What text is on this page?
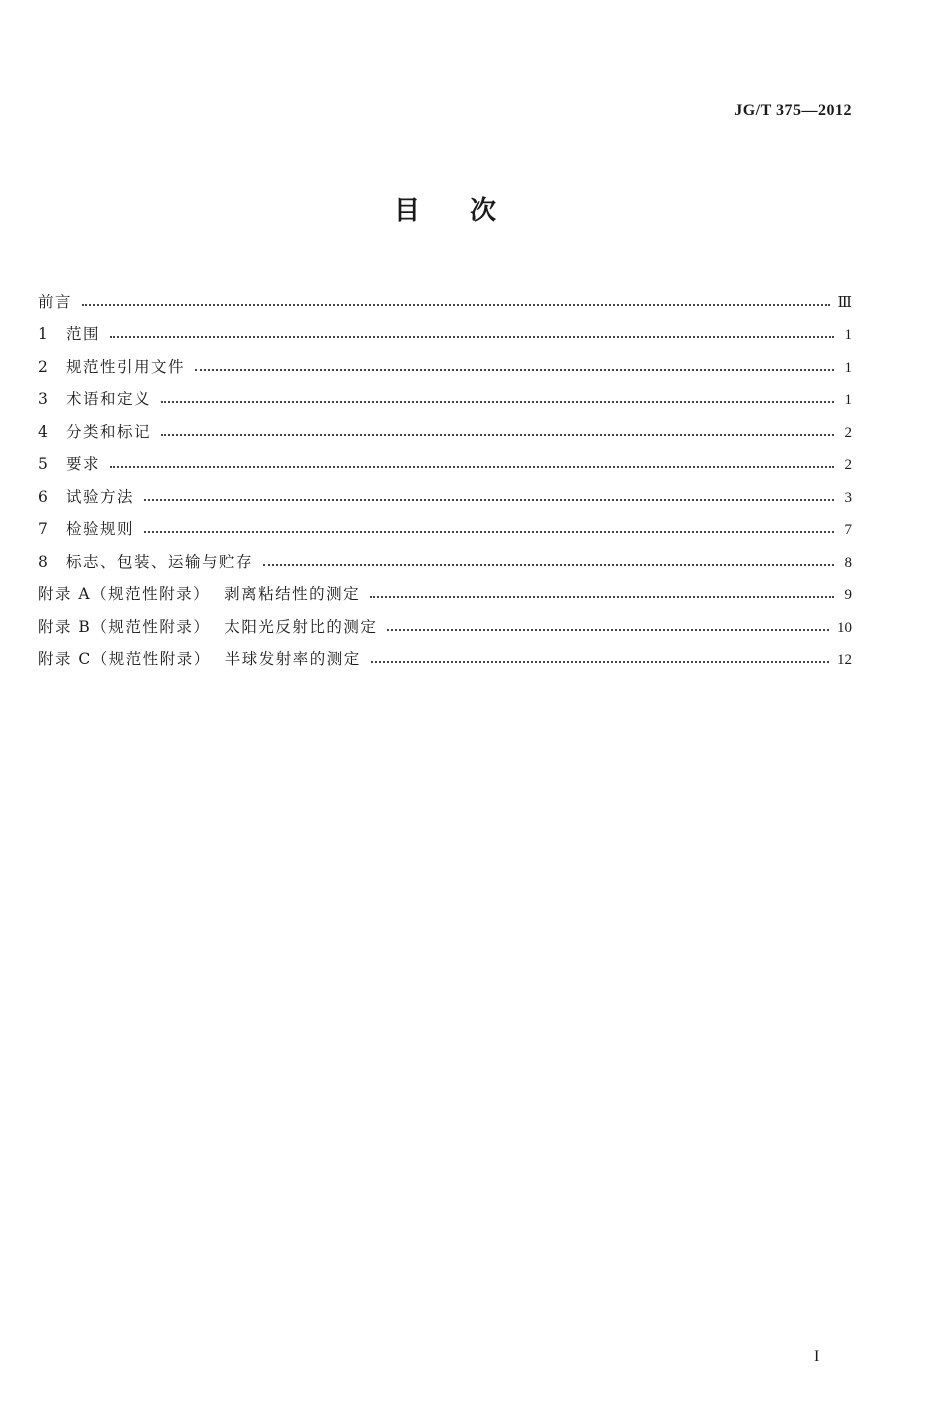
JG/T 375—2012
目次
前言	Ⅲ
1 范围	1
2 规范性引用文件	1
3 术语和定义	1
4 分类和标记	2
5 要求	2
6 试验方法	3
7 检验规则	7
8 标志、包装、运输与贮存	8
附录 A（规范性附录） 剥离粘结性的测定	9
附录 B（规范性附录） 太阳光反射比的测定	10
附录 C（规范性附录） 半球发射率的测定	12
I
